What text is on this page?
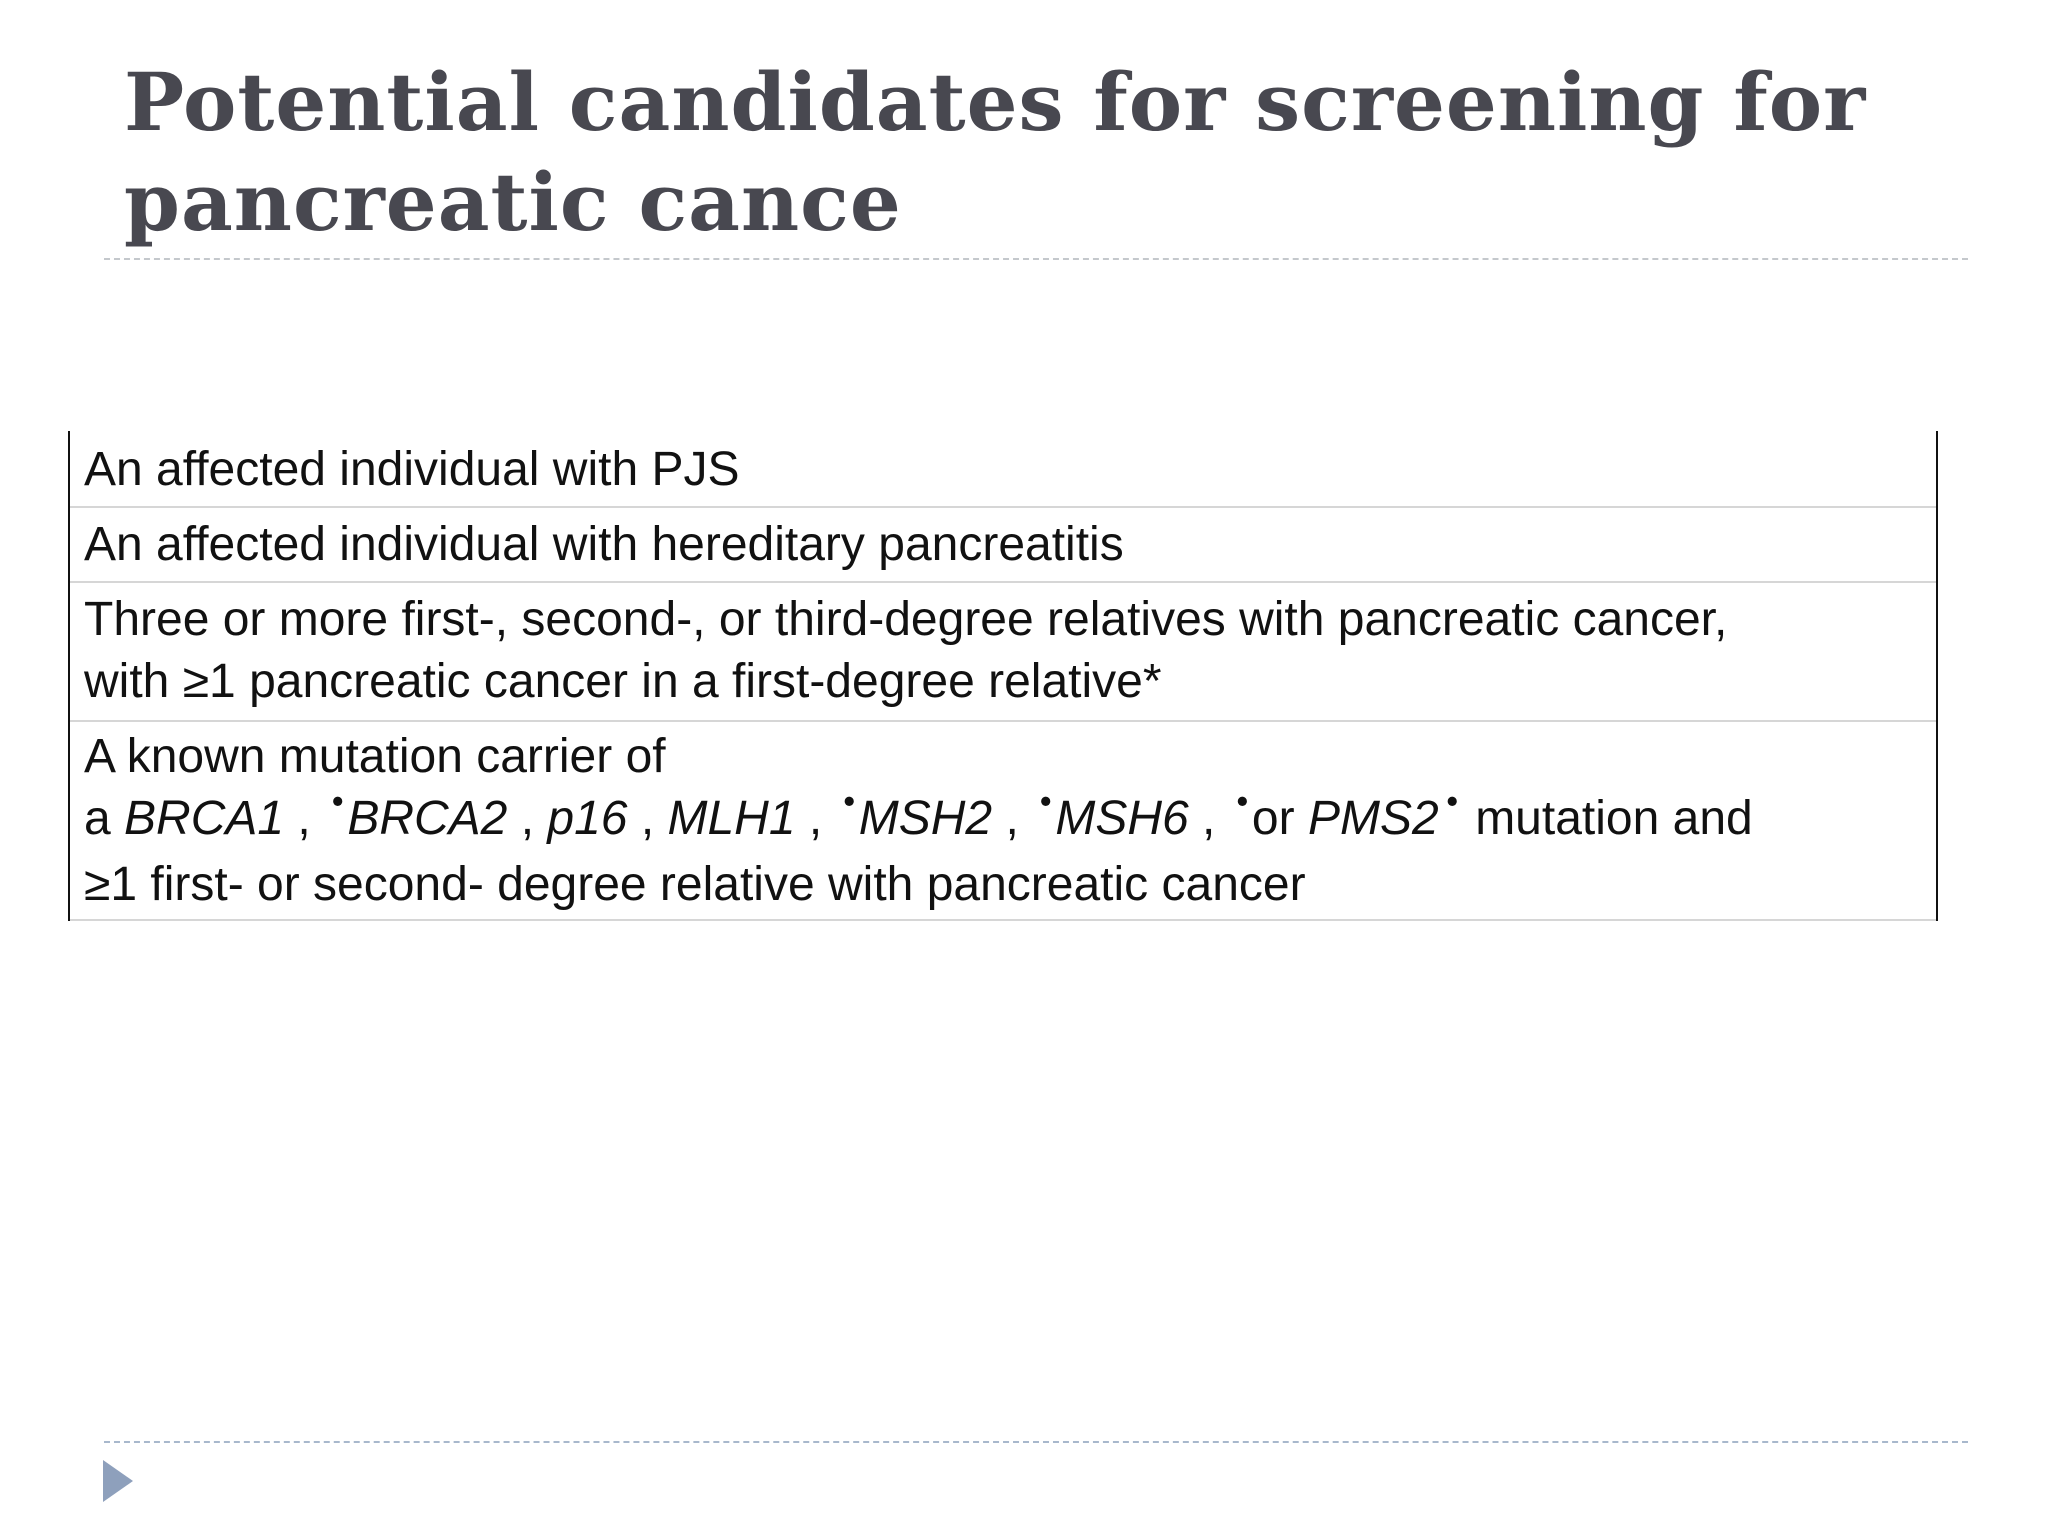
Potential candidates for screening for
pancreatic cance
An affected individual with PJS
An affected individual with hereditary pancreatitis
Three or more first-, second-, or third-degree relatives with pancreatic cancer,
with ≥1 pancreatic cancer in a first-degree relative*
A known mutation carrier of
a BRCA1 , •BRCA2 , p16 , MLH1 , •MSH2 , •MSH6 , •or PMS2 • mutation and
≥1 first- or second- degree relative with pancreatic cancer
